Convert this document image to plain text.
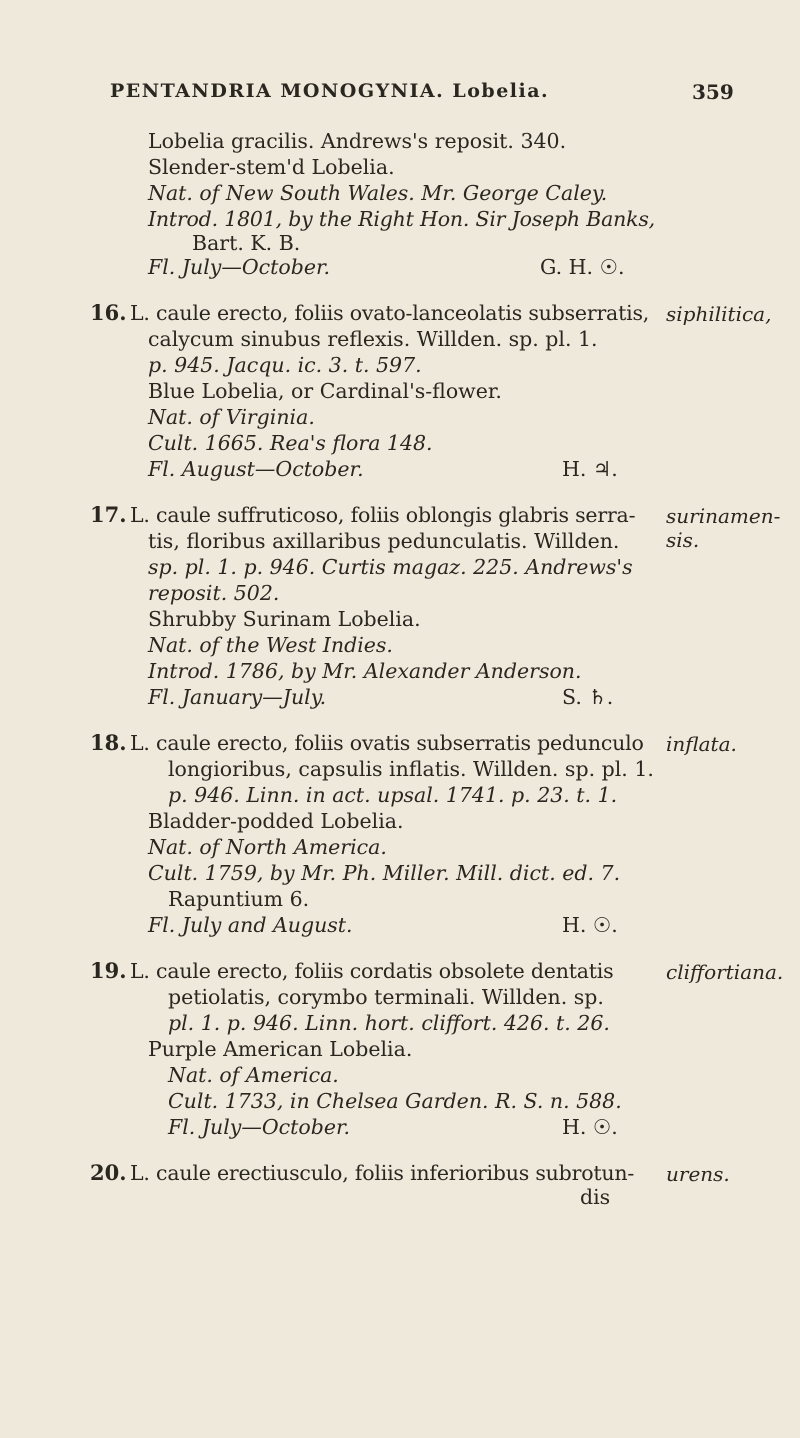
PENTANDRIA MONOGYNIA. Lobelia.	359
Lobelia gracilis. Andrews's reposit. 340.
Slender-stem'd Lobelia.
Nat. of New South Wales. Mr. George Caley.
Introd. 1801, by the Right Hon. Sir Joseph Banks,
Bart. K. B.
Fl. July—October.	G. H. ☉.
16.	siphilitica,
L. caule erecto, foliis ovato-lanceolatis subserratis,
calycum sinubus reflexis. Willden. sp. pl. 1.
p. 945. Jacqu. ic. 3. t. 597.
Blue Lobelia, or Cardinal's-flower.
Nat. of Virginia.
Cult. 1665. Rea's flora 148.
Fl. August—October.	H. ♃.
17.	surinamen-
sis.
L. caule suffruticoso, foliis oblongis glabris serra-
tis, floribus axillaribus pedunculatis. Willden.
sp. pl. 1. p. 946. Curtis magaz. 225. Andrews's
reposit. 502.
Shrubby Surinam Lobelia.
Nat. of the West Indies.
Introd. 1786, by Mr. Alexander Anderson.
Fl. January—July.	S. ♄.
18.	inflata.
L. caule erecto, foliis ovatis subserratis pedunculo
longioribus, capsulis inflatis. Willden. sp. pl. 1.
p. 946. Linn. in act. upsal. 1741. p. 23. t. 1.
Bladder-podded Lobelia.
Nat. of North America.
Cult. 1759, by Mr. Ph. Miller. Mill. dict. ed. 7.
Rapuntium 6.
Fl. July and August.	H. ☉.
19.	cliffortiana.
L. caule erecto, foliis cordatis obsolete dentatis
petiolatis, corymbo terminali. Willden. sp.
pl. 1. p. 946. Linn. hort. cliffort. 426. t. 26.
Purple American Lobelia.
Nat. of America.
Cult. 1733, in Chelsea Garden. R. S. n. 588.
Fl. July—October.	H. ☉.
20.	urens.
L. caule erectiusculo, foliis inferioribus subrotun-
dis
